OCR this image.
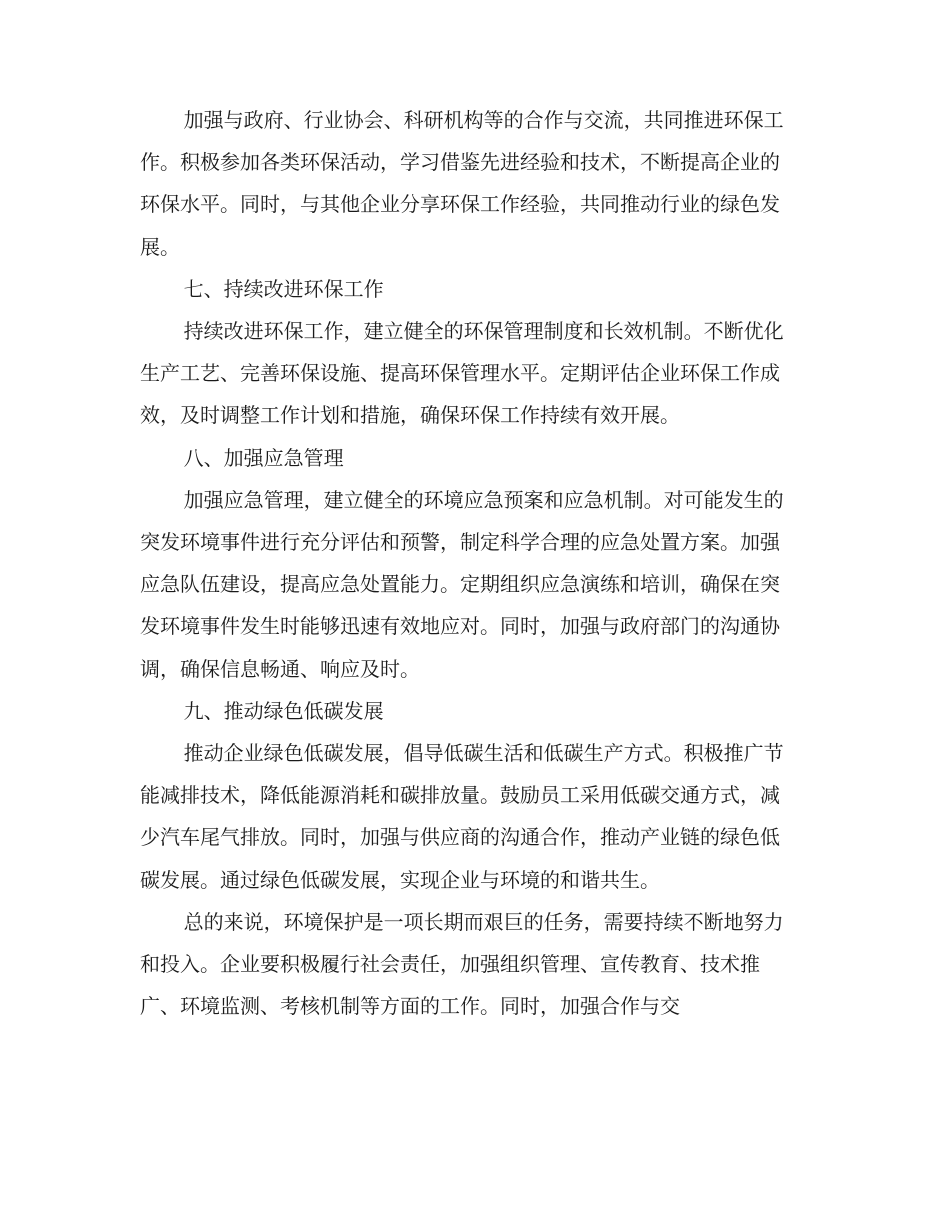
加强与政府、行业协会、科研机构等的合作与交流，共同推进环保工作。积极参加各类环保活动，学习借鉴先进经验和技术，不断提高企业的环保水平。同时，与其他企业分享环保工作经验，共同推动行业的绿色发展。

七、持续改进环保工作

持续改进环保工作，建立健全的环保管理制度和长效机制。不断优化生产工艺、完善环保设施、提高环保管理水平。定期评估企业环保工作成效，及时调整工作计划和措施，确保环保工作持续有效开展。

八、加强应急管理

加强应急管理，建立健全的环境应急预案和应急机制。对可能发生的突发环境事件进行充分评估和预警，制定科学合理的应急处置方案。加强应急队伍建设，提高应急处置能力。定期组织应急演练和培训，确保在突发环境事件发生时能够迅速有效地应对。同时，加强与政府部门的沟通协调，确保信息畅通、响应及时。

九、推动绿色低碳发展

推动企业绿色低碳发展，倡导低碳生活和低碳生产方式。积极推广节能减排技术，降低能源消耗和碳排放量。鼓励员工采用低碳交通方式，减少汽车尾气排放。同时，加强与供应商的沟通合作，推动产业链的绿色低碳发展。通过绿色低碳发展，实现企业与环境的和谐共生。

总的来说，环境保护是一项长期而艰巨的任务，需要持续不断地努力和投入。企业要积极履行社会责任，加强组织管理、宣传教育、技术推广、环境监测、考核机制等方面的工作。同时，加强合作与交
